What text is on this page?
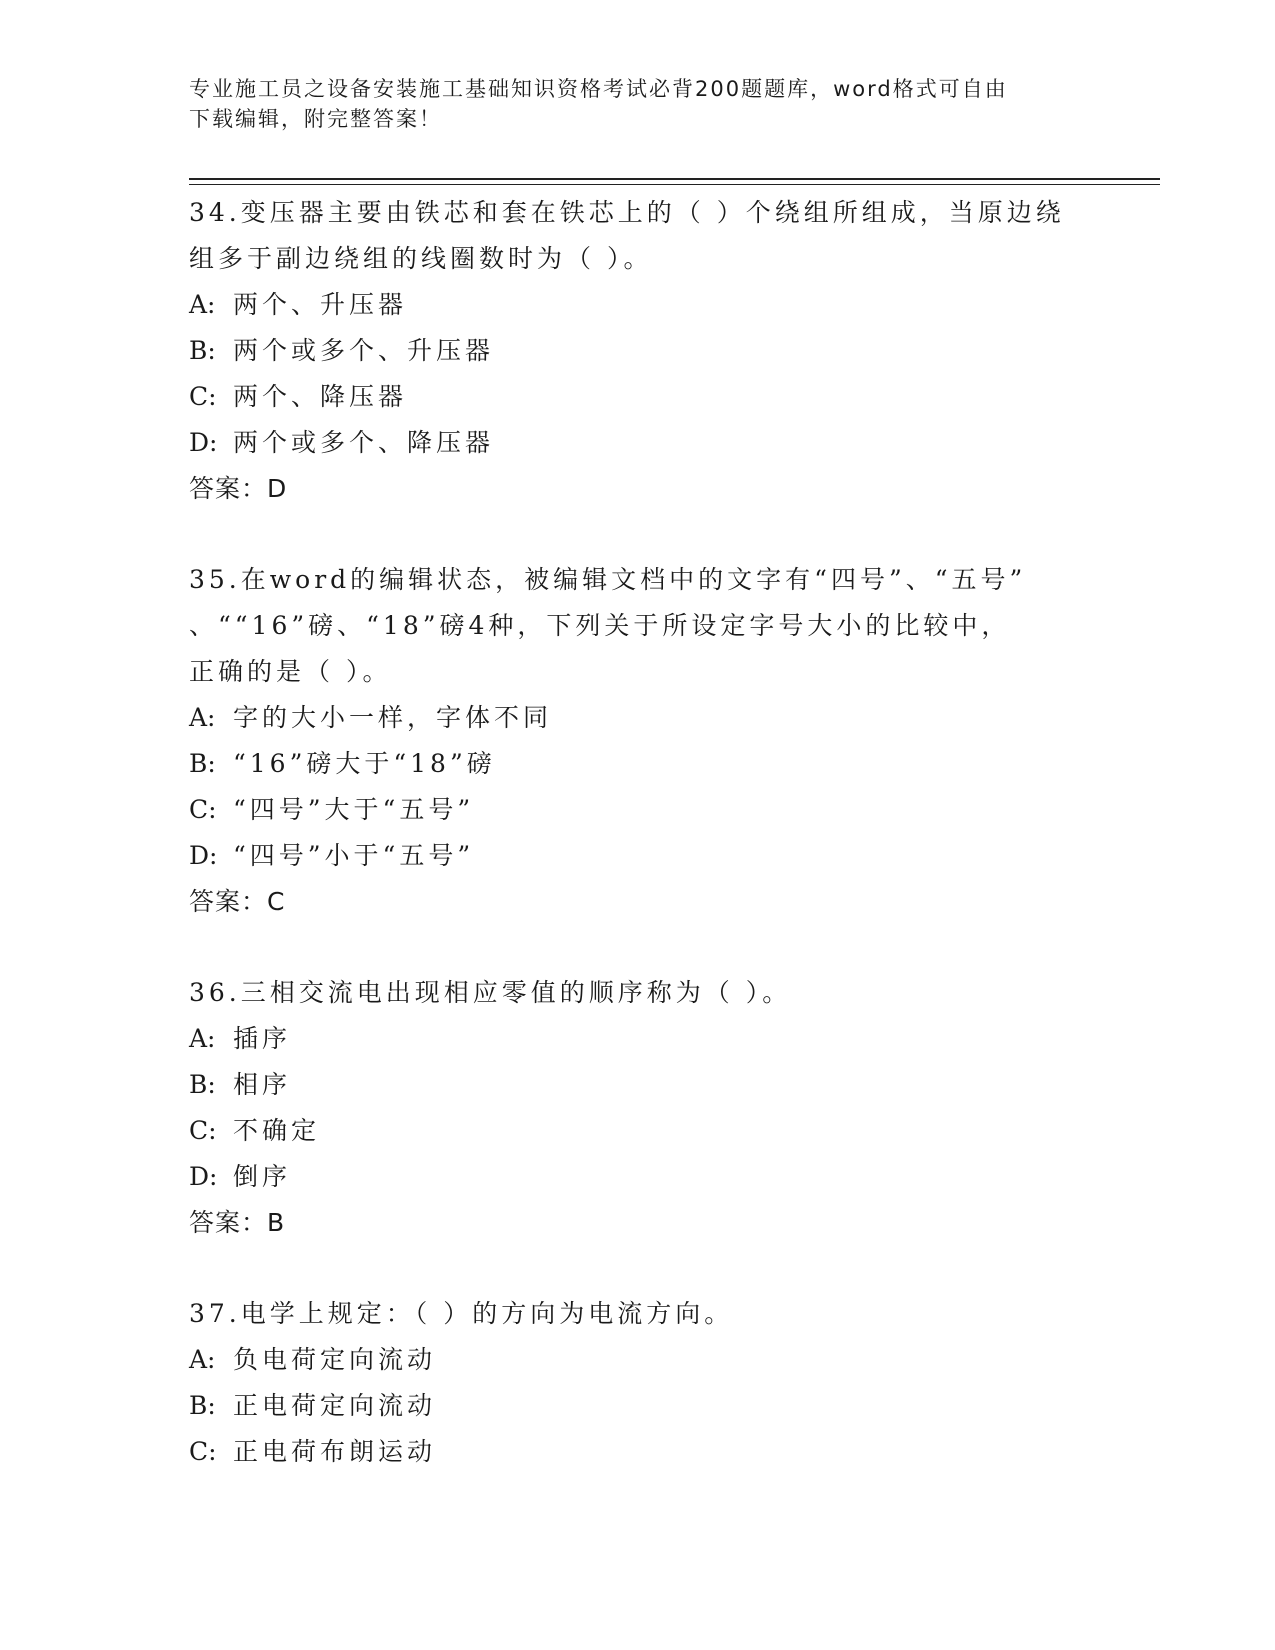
专业施工员之设备安装施工基础知识资格考试必背200题题库，word格式可自由
下载编辑，附完整答案！
34.变压器主要由铁芯和套在铁芯上的（ ）个绕组所组成，当原边绕
组多于副边绕组的线圈数时为（ ）。
A: 两个、升压器
B: 两个或多个、升压器
C: 两个、降压器
D: 两个或多个、降压器
答案：D
35.在word的编辑状态，被编辑文档中的文字有“四号”、“五号”
、““16”磅、“18”磅4种，下列关于所设定字号大小的比较中，
正确的是（ ）。
A: 字的大小一样，字体不同
B: “16”磅大于“18”磅
C: “四号”大于“五号”
D: “四号”小于“五号”
答案：C
36.三相交流电出现相应零值的顺序称为（ ）。
A: 插序
B: 相序
C: 不确定
D: 倒序
答案：B
37.电学上规定：（ ）的方向为电流方向。
A: 负电荷定向流动
B: 正电荷定向流动
C: 正电荷布朗运动
